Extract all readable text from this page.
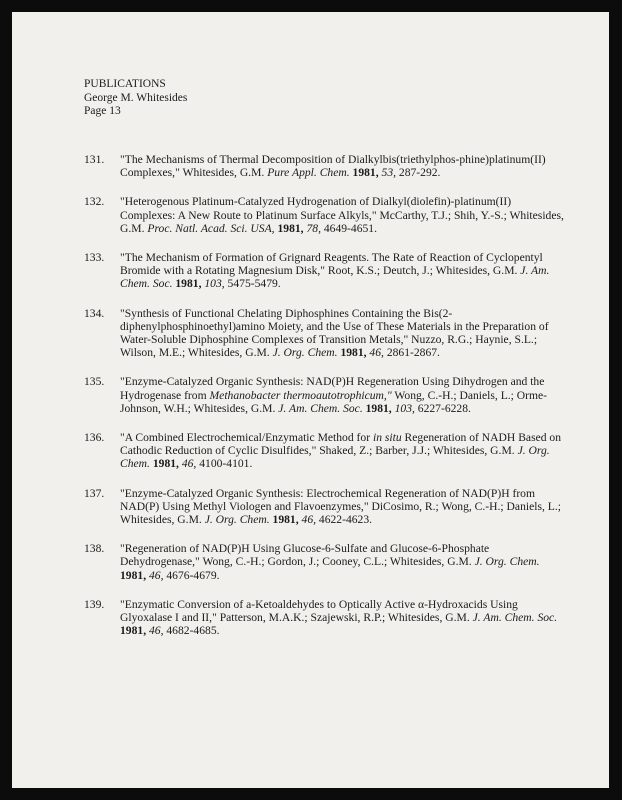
PUBLICATIONS
George M. Whitesides
Page 13
131.	"The Mechanisms of Thermal Decomposition of Dialkylbis(triethylphos-phine)platinum(II) Complexes," Whitesides, G.M. Pure Appl. Chem. 1981, 53, 287-292.
132.	"Heterogenous Platinum-Catalyzed Hydrogenation of Dialkyl(diolefin)-platinum(II) Complexes: A New Route to Platinum Surface Alkyls," McCarthy, T.J.; Shih, Y.-S.; Whitesides, G.M. Proc. Natl. Acad. Sci. USA, 1981, 78, 4649-4651.
133.	"The Mechanism of Formation of Grignard Reagents. The Rate of Reaction of Cyclopentyl Bromide with a Rotating Magnesium Disk," Root, K.S.; Deutch, J.; Whitesides, G.M. J. Am. Chem. Soc. 1981, 103, 5475-5479.
134.	"Synthesis of Functional Chelating Diphosphines Containing the Bis(2-diphenylphosphinoethyl)amino Moiety, and the Use of These Materials in the Preparation of Water-Soluble Diphosphine Complexes of Transition Metals," Nuzzo, R.G.; Haynie, S.L.; Wilson, M.E.; Whitesides, G.M. J. Org. Chem. 1981, 46, 2861-2867.
135.	"Enzyme-Catalyzed Organic Synthesis: NAD(P)H Regeneration Using Dihydrogen and the Hydrogenase from Methanobacter thermoautotrophicum," Wong, C.-H.; Daniels, L.; Orme-Johnson, W.H.; Whitesides, G.M. J. Am. Chem. Soc. 1981, 103, 6227-6228.
136.	"A Combined Electrochemical/Enzymatic Method for in situ Regeneration of NADH Based on Cathodic Reduction of Cyclic Disulfides," Shaked, Z.; Barber, J.J.; Whitesides, G.M. J. Org. Chem. 1981, 46, 4100-4101.
137.	"Enzyme-Catalyzed Organic Synthesis: Electrochemical Regeneration of NAD(P)H from NAD(P) Using Methyl Viologen and Flavoenzymes," DiCosimo, R.; Wong, C.-H.; Daniels, L.; Whitesides, G.M. J. Org. Chem. 1981, 46, 4622-4623.
138.	"Regeneration of NAD(P)H Using Glucose-6-Sulfate and Glucose-6-Phosphate Dehydrogenase," Wong, C.-H.; Gordon, J.; Cooney, C.L.; Whitesides, G.M. J. Org. Chem. 1981, 46, 4676-4679.
139.	"Enzymatic Conversion of a-Ketoaldehydes to Optically Active α-Hydroxacids Using Glyoxalase I and II," Patterson, M.A.K.; Szajewski, R.P.; Whitesides, G.M. J. Am. Chem. Soc. 1981, 46, 4682-4685.
